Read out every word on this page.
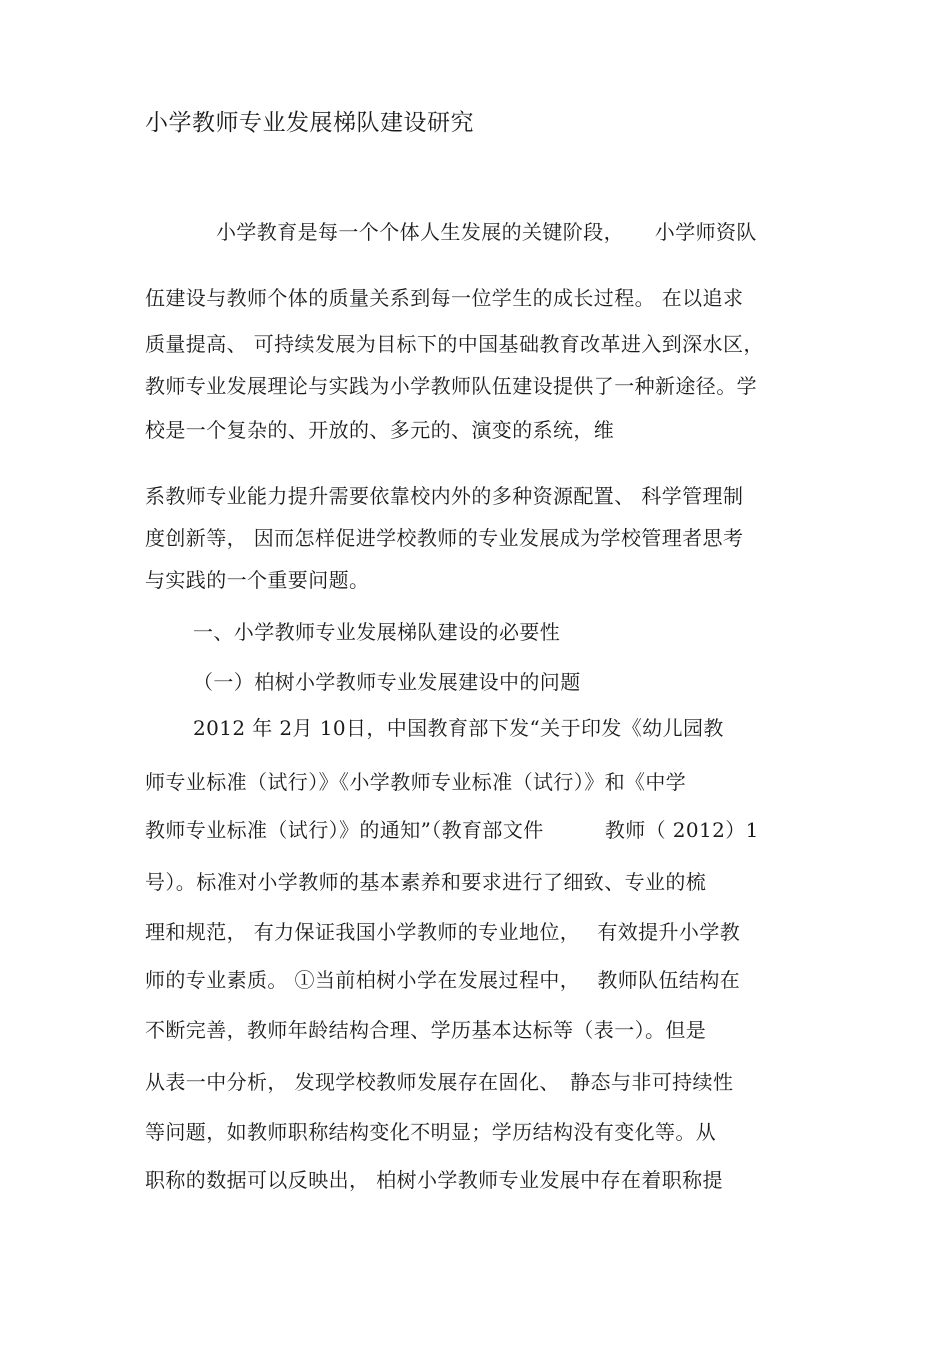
小学教师专业发展梯队建设研究
小学教育是每一个个体人生发展的关键阶段，　　小学师资队
伍建设与教师个体的质量关系到每一位学生的成长过程。 在以追求
质量提高、 可持续发展为目标下的中国基础教育改革进入到深水区，
教师专业发展理论与实践为小学教师队伍建设提供了一种新途径。学
校是一个复杂的、开放的、多元的、演变的系统，维
系教师专业能力提升需要依靠校内外的多种资源配置、 科学管理制
度创新等， 因而怎样促进学校教师的专业发展成为学校管理者思考
与实践的一个重要问题。
一、小学教师专业发展梯队建设的必要性
（一）柏树小学教师专业发展建设中的问题
2012 年 2月 10日，中国教育部下发“关于印发《幼儿园教
师专业标准（试行）》《小学教师专业标准（试行）》和《中学
教师专业标准（试行）》的通知”（教育部文件　　　教师（ 2012）1
号）。标准对小学教师的基本素养和要求进行了细致、专业的梳
理和规范， 有力保证我国小学教师的专业地位，　 有效提升小学教
师的专业素质。 ①当前柏树小学在发展过程中，　 教师队伍结构在
不断完善，教师年龄结构合理、学历基本达标等（表一）。但是
从表一中分析， 发现学校教师发展存在固化、　静态与非可持续性
等问题，如教师职称结构变化不明显；学历结构没有变化等。从
职称的数据可以反映出， 柏树小学教师专业发展中存在着职称提
